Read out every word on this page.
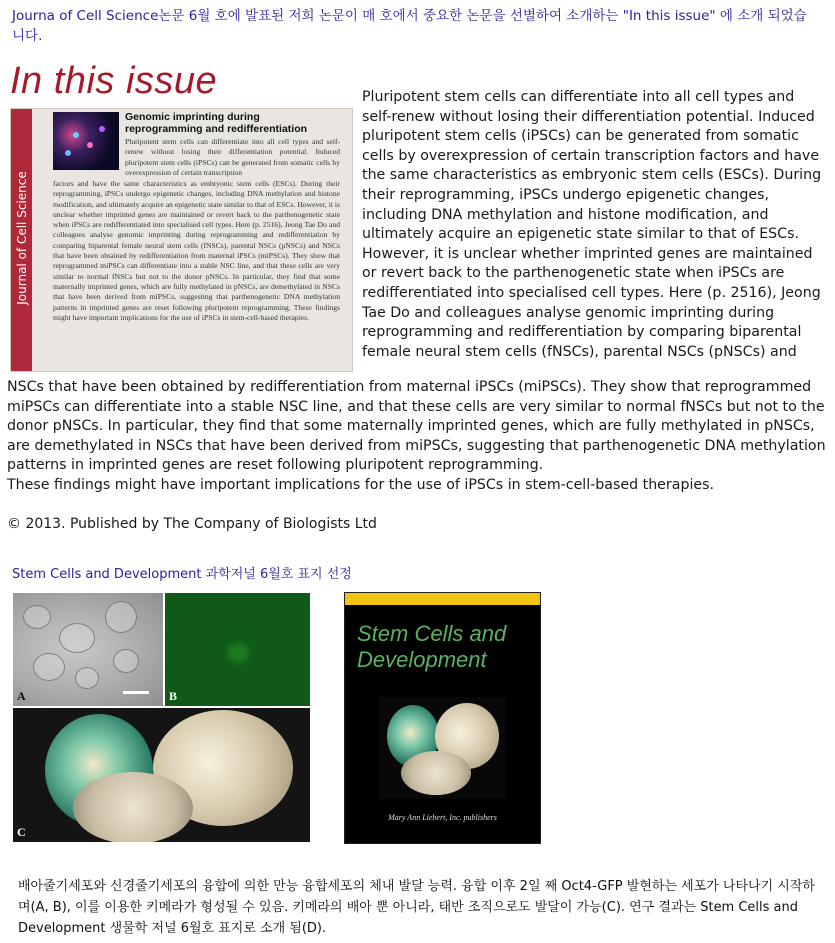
Journa of Cell Science논문 6월 호에 발표된 저희 논문이 매 호에서 중요한 논문을 선별하여 소개하는 "In this issue" 에 소개 되었습니다.
In this issue
Journal of Cell Science
Genomic imprinting during reprogramming and redifferentiation
Pluripotent stem cells can differentiate into all cell types and self-renew without losing their differentiation potential. Induced pluripotent stem cells (iPSCs) can be generated from somatic cells by overexpression of certain transcription
factors and have the same characteristics as embryonic stem cells (ESCs). During their reprogramming, iPSCs undergo epigenetic changes, including DNA methylation and histone modification, and ultimately acquire an epigenetic state similar to that of ESCs. However, it is unclear whether imprinted genes are maintained or revert back to the parthenogenetic state when iPSCs are redifferentiated into specialised cell types. Here (p. 2516), Jeong Tae Do and colleagues analyse genomic imprinting during reprogramming and redifferentiation by comparing biparental female neural stem cells (fNSCs), parental NSCs (pNSCs) and NSCs that have been obtained by redifferentiation from maternal iPSCs (miPSCs). They show that reprogrammed miPSCs can differentiate into a stable NSC line, and that these cells are very similar to normal fNSCs but not to the donor pNSCs. In particular, they find that some maternally imprinted genes, which are fully methylated in pNSCs, are demethylated in NSCs that have been derived from miPSCs, suggesting that parthenogenetic DNA methylation patterns in imprinted genes are reset following pluripotent reprogramming. These findings might have important implications for the use of iPSCs in stem-cell-based therapies.
Pluripotent stem cells can differentiate into all cell types and self-renew without losing their differentiation potential. Induced pluripotent stem cells (iPSCs) can be generated from somatic cells by overexpression of certain transcription factors and have the same characteristics as embryonic stem cells (ESCs). During their reprogramming, iPSCs undergo epigenetic changes, including DNA methylation and histone modification, and ultimately acquire an epigenetic state similar to that of ESCs. However, it is unclear whether imprinted genes are maintained or revert back to the parthenogenetic state when iPSCs are redifferentiated into specialised cell types. Here (p. 2516), Jeong Tae Do and colleagues analyse genomic imprinting during reprogramming and redifferentiation by comparing biparental female neural stem cells (fNSCs), parental NSCs (pNSCs) and
NSCs that have been obtained by redifferentiation from maternal iPSCs (miPSCs). They show that reprogrammed miPSCs can differentiate into a stable NSC line, and that these cells are very similar to normal fNSCs but not to the donor pNSCs. In particular, they find that some maternally imprinted genes, which are fully methylated in pNSCs, are demethylated in NSCs that have been derived from miPSCs, suggesting that parthenogenetic DNA methylation patterns in imprinted genes are reset following pluripotent reprogramming.
These findings might have important implications for the use of iPSCs in stem-cell-based therapies.
© 2013. Published by The Company of Biologists Ltd
Stem Cells and Development 과학저널 6월호 표지 선정
A	B
C
Stem Cells and Development
Mary Ann Liebert, Inc. publishers
배아줄기세포와 신경줄기세포의 융합에 의한 만능 융합세포의 체내 발달 능력. 융합 이후 2일 째 Oct4-GFP 발현하는 세포가 나타나기 시작하며(A, B), 이를 이용한 키메라가 형성될 수 있음. 키메라의 배아 뿐 아니라, 태반 조직으로도 발달이 가능(C). 연구 결과는 Stem Cells and Development 생물학 저널 6월호 표지로 소개 됨(D).
